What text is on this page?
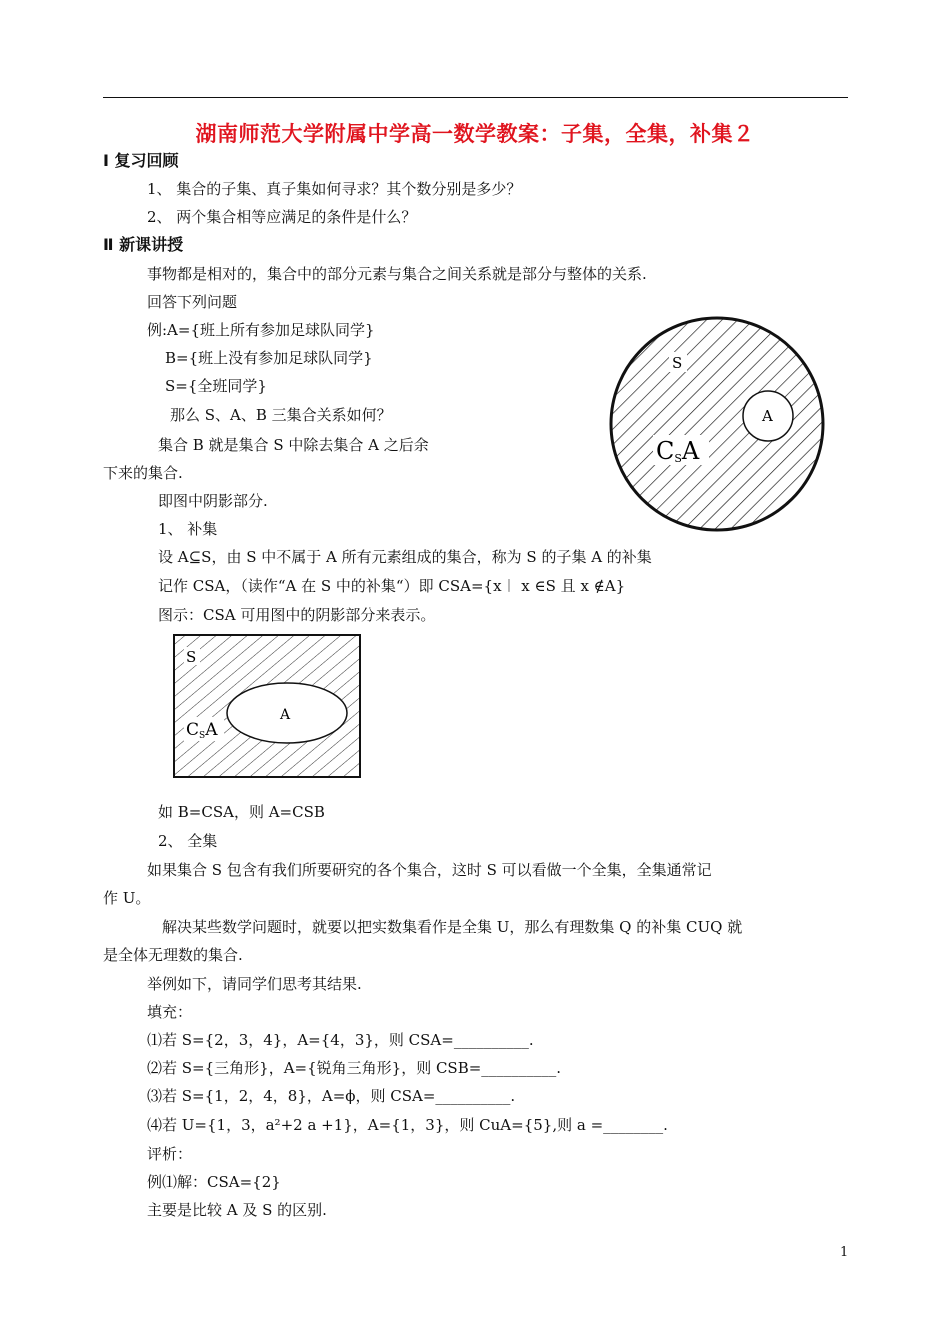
湖南师范大学附属中学高一数学教案：子集，全集，补集２
Ⅰ 复习回顾
1、 集合的子集、真子集如何寻求？其个数分别是多少？
2、 两个集合相等应满足的条件是什么？
Ⅱ 新课讲授
事物都是相对的，集合中的部分元素与集合之间关系就是部分与整体的关系.
回答下列问题
例:A={班上所有参加足球队同学}
B={班上没有参加足球队同学}
S={全班同学}
那么 S、A、B 三集合关系如何？
集合 B 就是集合 S 中除去集合 A 之后余
下来的集合.
即图中阴影部分.
1、 补集
设 A⊆S，由 S 中不属于 A 所有元素组成的集合，称为 S 的子集 A 的补集
记作 CSA，（读作“A 在 S 中的补集“）即 CSA={x︱ x ∈S 且 x ∉A}
图示：CSA 可用图中的阴影部分来表示。
S
A
CSA
S
A
CSA
如 B=CSA，则 A=CSB
2、 全集
如果集合 S 包含有我们所要研究的各个集合，这时 S 可以看做一个全集，全集通常记
作 U。
解决某些数学问题时，就要以把实数集看作是全集 U，那么有理数集 Q 的补集 CUQ 就
是全体无理数的集合.
举例如下，请同学们思考其结果.
填充：
⑴若 S={2，3，4}，A={4，3}，则 CSA=__________.
⑵若 S={三角形}，A={锐角三角形}，则 CSB=__________.
⑶若 S={1，2，4，8}，A=ϕ，则 CSA=__________.
⑷若 U={1，3，a²+2 a +1}，A={1，3}，则 CuA={5},则 a =________.
评析：
例⑴解：CSA={2}
主要是比较 A 及 S 的区别.
1
